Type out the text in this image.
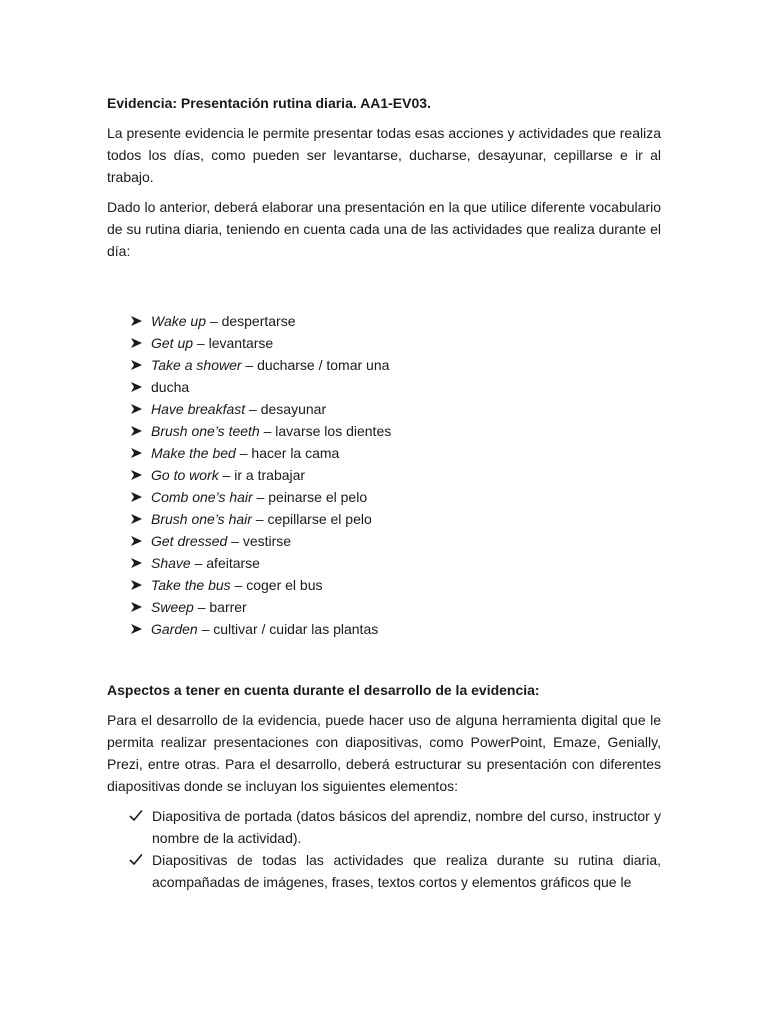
Evidencia: Presentación rutina diaria. AA1-EV03.

La presente evidencia le permite presentar todas esas acciones y actividades que realiza todos los días, como pueden ser levantarse, ducharse, desayunar, cepillarse e ir al trabajo.

Dado lo anterior, deberá elaborar una presentación en la que utilice diferente vocabulario de su rutina diaria, teniendo en cuenta cada una de las actividades que realiza durante el día:

Wake up – despertarse
Get up – levantarse
Take a shower – ducharse / tomar una
ducha
Have breakfast – desayunar
Brush one’s teeth – lavarse los dientes
Make the bed – hacer la cama
Go to work – ir a trabajar
Comb one’s hair – peinarse el pelo
Brush one’s hair – cepillarse el pelo
Get dressed – vestirse
Shave – afeitarse
Take the bus – coger el bus
Sweep – barrer
Garden – cultivar / cuidar las plantas

Aspectos a tener en cuenta durante el desarrollo de la evidencia:

Para el desarrollo de la evidencia, puede hacer uso de alguna herramienta digital que le permita realizar presentaciones con diapositivas, como PowerPoint, Emaze, Genially, Prezi, entre otras. Para el desarrollo, deberá estructurar su presentación con diferentes diapositivas donde se incluyan los siguientes elementos:

Diapositiva de portada (datos básicos del aprendiz, nombre del curso, instructor y nombre de la actividad).
Diapositivas de todas las actividades que realiza durante su rutina diaria, acompañadas de imágenes, frases, textos cortos y elementos gráficos que le
